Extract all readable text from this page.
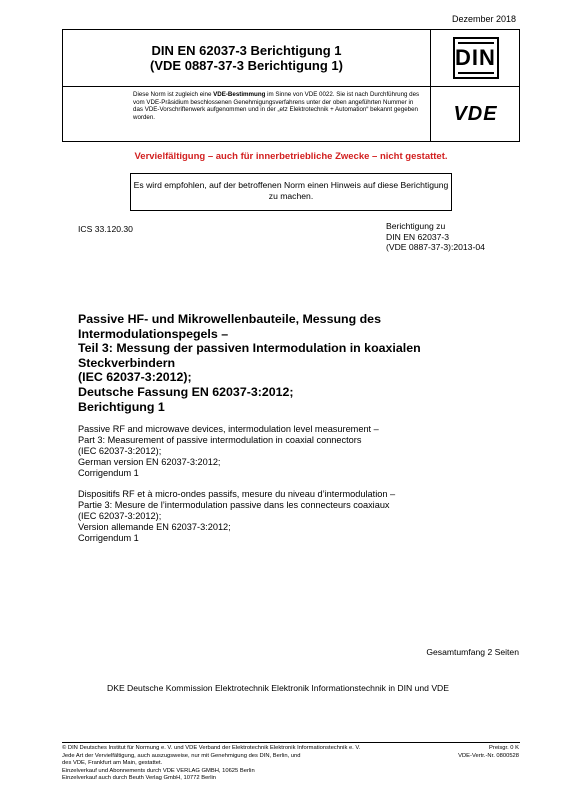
Dezember 2018
DIN EN 62037-3 Berichtigung 1
(VDE 0887-37-3 Berichtigung 1)	DIN
Diese Norm ist zugleich eine VDE-Bestimmung im Sinne von VDE 0022. Sie ist nach Durchführung des vom VDE-Präsidium beschlossenen Genehmigungsverfahrens unter der oben angeführten Nummer in das VDE-Vorschriftenwerk aufgenommen und in der „etz Elektrotechnik + Automation“ bekannt gegeben worden.	VDE
Vervielfältigung – auch für innerbetriebliche Zwecke – nicht gestattet.
Es wird empfohlen, auf der betroffenen Norm einen Hinweis auf diese Berichtigung zu machen.
ICS 33.120.30	Berichtigung zu
DIN EN 62037-3
(VDE 0887-37-3):2013-04
Passive HF- und Mikrowellenbauteile, Messung des
Intermodulationspegels –
Teil 3: Messung der passiven Intermodulation in koaxialen
Steckverbindern
(IEC 62037-3:2012);
Deutsche Fassung EN 62037-3:2012;
Berichtigung 1
Passive RF and microwave devices, intermodulation level measurement –
Part 3: Measurement of passive intermodulation in coaxial connectors
(IEC 62037-3:2012);
German version EN 62037-3:2012;
Corrigendum 1
Dispositifs RF et à micro-ondes passifs, mesure du niveau d’intermodulation –
Partie 3: Mesure de l’intermodulation passive dans les connecteurs coaxiaux
(IEC 62037-3:2012);
Version allemande EN 62037-3:2012;
Corrigendum 1
Gesamtumfang 2 Seiten
DKE Deutsche Kommission Elektrotechnik Elektronik Informationstechnik in DIN und VDE
© DIN Deutsches Institut für Normung e. V. und VDE Verband der Elektrotechnik Elektronik Informationstechnik e. V.
Jede Art der Vervielfältigung, auch auszugsweise, nur mit Genehmigung des DIN, Berlin, und
des VDE, Frankfurt am Main, gestattet.
Einzelverkauf und Abonnements durch VDE VERLAG GMBH, 10625 Berlin
Einzelverkauf auch durch Beuth Verlag GmbH, 10772 Berlin
Preisgr. 0 K
VDE-Vertr.-Nr. 0800528
